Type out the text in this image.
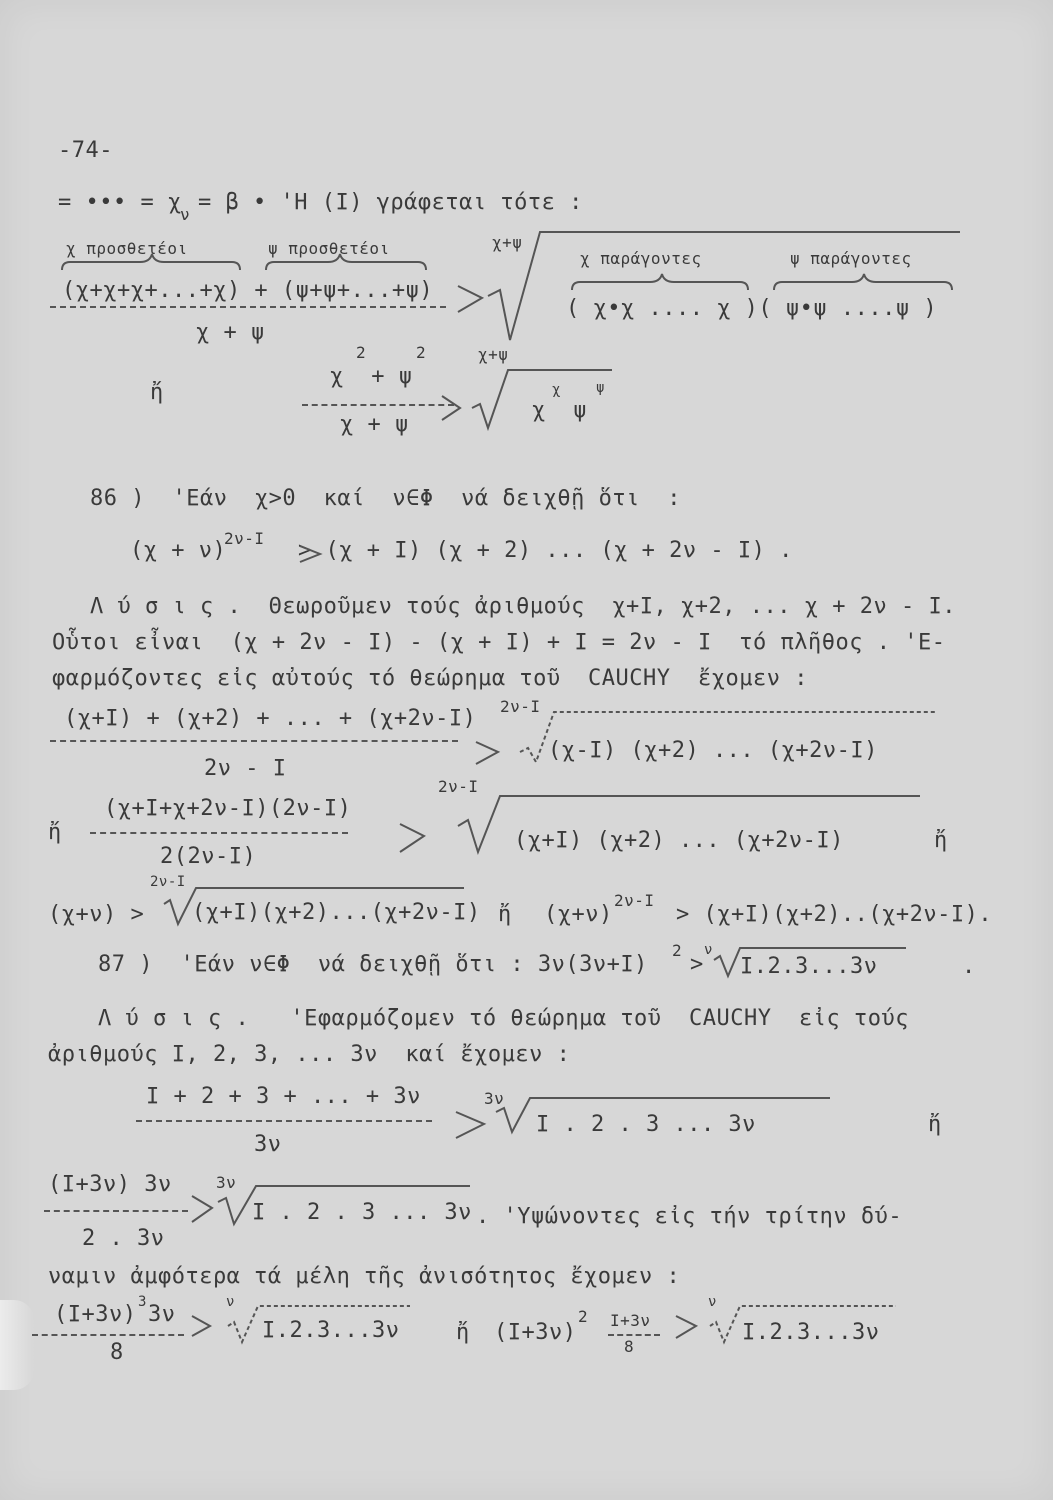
-74-
= ••• = χ
ν = β • 'Η (Ι) γράφεται τότε :
χ προσθετέοι	ψ προσθετέοι
(χ+χ+χ+...+χ) + (ψ+ψ+...+ψ)
χ + ψ
χ+ψ
χ παράγοντες	ψ παράγοντες
( χ•χ .... χ )( ψ•ψ ....ψ )
ἤ
χ  + ψ
2	2
χ + ψ
χ+ψ
χ  ψ
χ	ψ
86 )  'Εάν  χ>0  καί  ν∈Φ  νά δειχθῇ ὅτι  :
(χ + ν)
2ν-Ι > (χ + Ι) (χ + 2) ... (χ + 2ν - Ι) .
Λ ύ σ ι ς .  Θεωροῦμεν τούς ἀριθμούς  χ+Ι, χ+2, ... χ + 2ν - Ι.
Οὗτοι εἶναι  (χ + 2ν - Ι) - (χ + Ι) + Ι = 2ν - Ι  τό πλῆθος . 'Ε-
φαρμόζοντες εἰς αὐτούς τό θεώρημα τοῦ  CAUCHY  ἔχομεν :
(χ+Ι) + (χ+2) + ... + (χ+2ν-Ι)
2ν - Ι
2ν-Ι
(χ-Ι) (χ+2) ... (χ+2ν-Ι)
ἤ
(χ+Ι+χ+2ν-Ι)(2ν-Ι)
2(2ν-Ι)
2ν-Ι
(χ+Ι) (χ+2) ... (χ+2ν-Ι)	ἤ
(χ+ν) >
2ν-Ι
(χ+Ι)(χ+2)...(χ+2ν-Ι) ἤ (χ+ν)
2ν-Ι
> (χ+Ι)(χ+2)..(χ+2ν-Ι).
87 )  'Εάν ν∈Φ  νά δειχθῇ ὅτι : 3ν(3ν+Ι)
2
>
ν
Ι.2.3...3ν	.
Λ ύ σ ι ς .   'Εφαρμόζομεν τό θεώρημα τοῦ  CAUCHY  εἰς τούς
ἀριθμούς Ι, 2, 3, ... 3ν  καί ἔχομεν :
Ι + 2 + 3 + ... + 3ν
3ν
3ν
Ι . 2 . 3 ... 3ν	ἤ
(Ι+3ν) 3ν
2 . 3ν
3ν
Ι . 2 . 3 ... 3ν . 'Υψώνοντες εἰς τήν τρίτην δύ-
ναμιν ἀμφότερα τά μέλη τῆς ἀνισότητος ἔχομεν :
(Ι+3ν) 3 3ν
8
ν
Ι.2.3...3ν	ἤ (Ι+3ν)
2 Ι+3ν
8
ν
Ι.2.3...3ν
